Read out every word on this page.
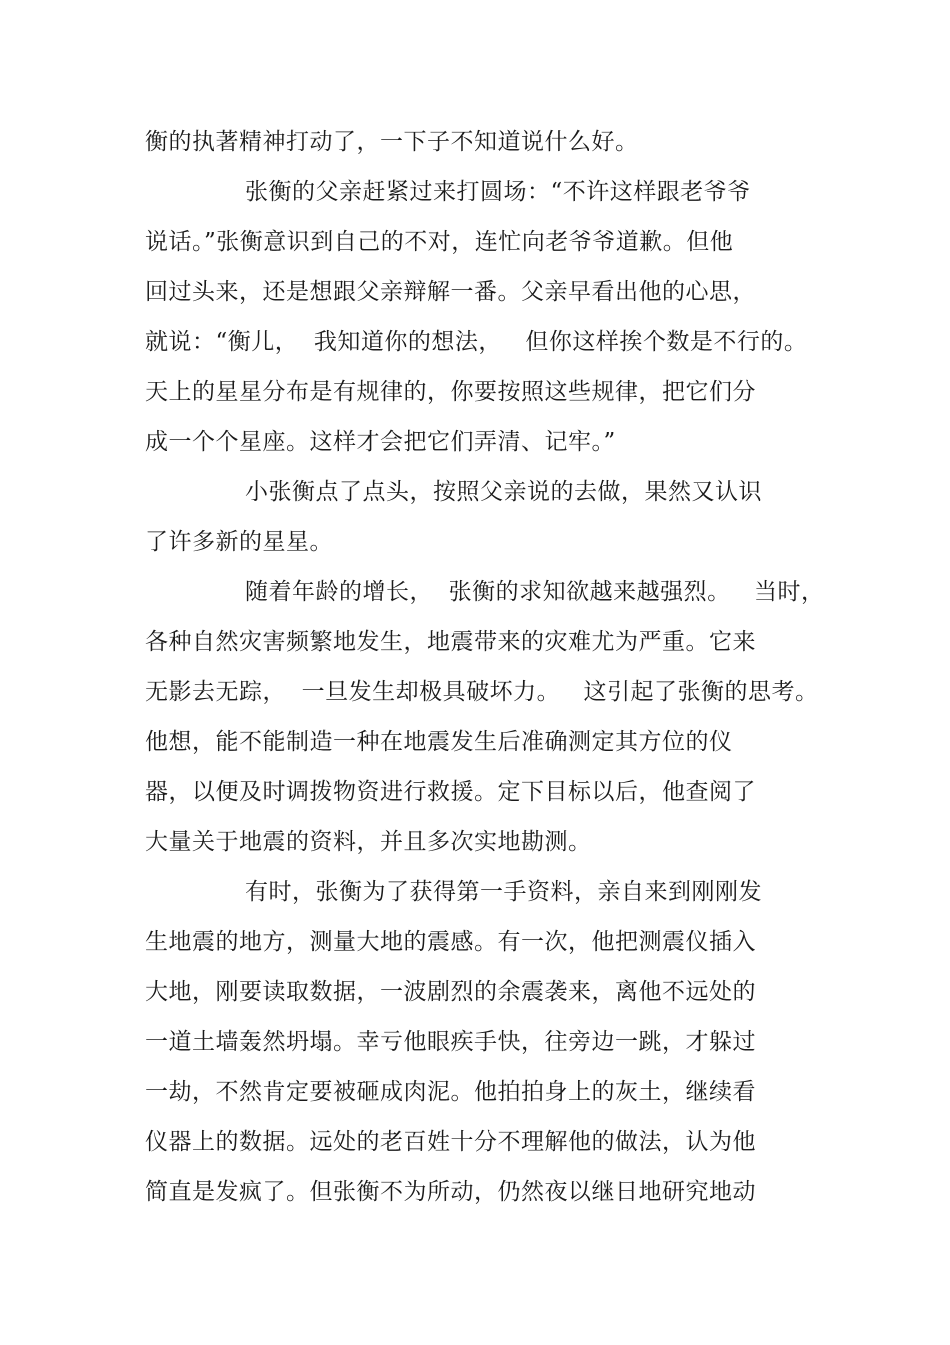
衡的执著精神打动了，一下子不知道说什么好。
张衡的父亲赶紧过来打圆场：“不许这样跟老爷爷
说话。”张衡意识到自己的不对，连忙向老爷爷道歉。但他
回过头来，还是想跟父亲辩解一番。父亲早看出他的心思，
就说：“衡儿，  我知道你的想法，   但你这样挨个数是不行的。
天上的星星分布是有规律的，你要按照这些规律，把它们分
成一个个星座。这样才会把它们弄清、记牢。”
小张衡点了点头，按照父亲说的去做，果然又认识
了许多新的星星。
随着年龄的增长，  张衡的求知欲越来越强烈。   当时，
各种自然灾害频繁地发生，地震带来的灾难尤为严重。它来
无影去无踪，  一旦发生却极具破坏力。   这引起了张衡的思考。
他想，能不能制造一种在地震发生后准确测定其方位的仪
器，以便及时调拨物资进行救援。定下目标以后，他查阅了
大量关于地震的资料，并且多次实地勘测。
有时，张衡为了获得第一手资料，亲自来到刚刚发
生地震的地方，测量大地的震感。有一次，他把测震仪插入
大地，刚要读取数据，一波剧烈的余震袭来，离他不远处的
一道土墙轰然坍塌。幸亏他眼疾手快，往旁边一跳，才躲过
一劫，不然肯定要被砸成肉泥。他拍拍身上的灰土，继续看
仪器上的数据。远处的老百姓十分不理解他的做法，认为他
简直是发疯了。但张衡不为所动，仍然夜以继日地研究地动
